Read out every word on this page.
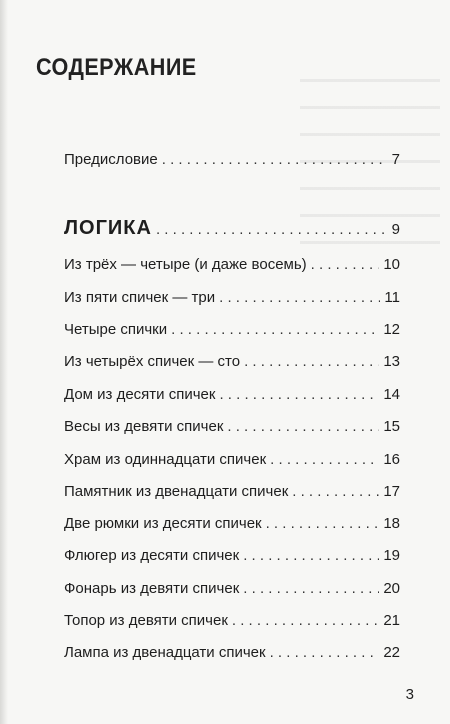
СОДЕРЖАНИЕ
Предисловие . . .	7
ЛОГИКА . . .	9
Из трёх — четыре (и даже восемь) . . .	10
Из пяти спичек — три . . .	11
Четыре спички . . .	12
Из четырёх спичек — сто . . .	13
Дом из десяти спичек . . .	14
Весы из девяти спичек . . .	15
Храм из одиннадцати спичек . . .	16
Памятник из двенадцати спичек . . .	17
Две рюмки из десяти спичек . . .	18
Флюгер из десяти спичек . . .	19
Фонарь из девяти спичек . . .	20
Топор из девяти спичек . . .	21
Лампа из двенадцати спичек . . .	22
3
